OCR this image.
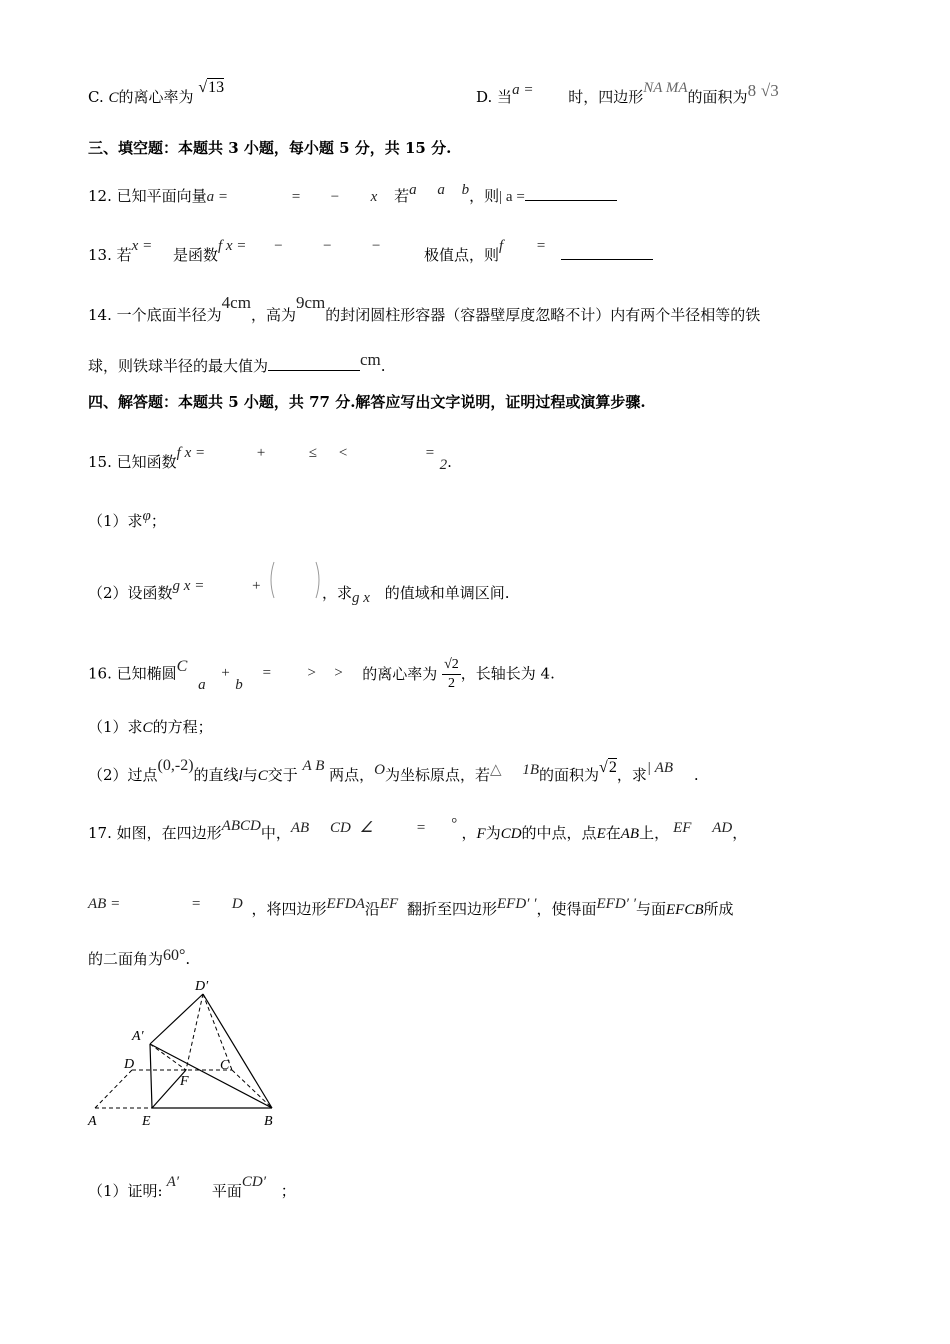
C. C的离心率为 √13
D. 当a = 时，四边形NA MA的面积为8 √3
三、填空题：本题共 3 小题，每小题 5 分，共 15 分.
12. 已知平面向量a =	= − x 若a a b，则| a =
13. 若x = 是函数f x = −	−	−	极值点，则f =
14. 一个底面半径为4cm，高为9cm的封闭圆柱形容器（容器壁厚度忽略不计）内有两个半径相等的铁
球，则铁球半径的最大值为	cm.
四、解答题：本题共 5 小题，共 77 分.解答应写出文字说明，证明过程或演算步骤.
15. 已知函数f x =	+	≤ <	= 2.
（1）求φ；
（2）设函数g x =	+	，求g x 的值域和单调区间.
16. 已知椭圆C a + b = > > 的离心率为 $\frac{√2}{2}$ ，长轴长为 4.
（1）求C的方程；
（2）过点(0,-2)的直线l与C交于 A B 两点，O为坐标原点，若△ 1B的面积为√2，求| AB .
17. 如图，在四边形ABCD中，AB CD ∠	= ° ，F为CD的中点，点E在AB上， EF AD，
AB =	= D ，将四边形EFDA沿EF 翻折至四边形EFD′ ′，使得面EFD′ ′与面EFCB所成
的二面角为60°.
D′
A′
D	C
F
A	E	B
（1）证明: A′ 平面CD′ ；
